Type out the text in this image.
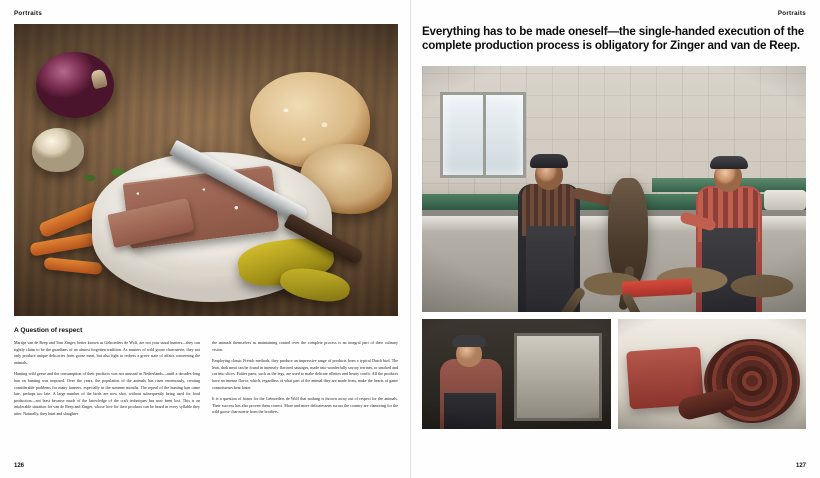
Portraits
A Question of respect

Martijn van de Reep and Tom Zinger, better known as Gebroeders de Wolf, are not your usual hunters—they can rightly claim to be the guardians of an almost forgotten tradition. As masters of wild goose charcuterie, they not only produce unique delicacies from goose meat, but also fight to redress a grave state of affairs concerning the animals.

Hunting wild geese and the consumption of their products was not unusual in Netherlands—until a decades-long ban on hunting was imposed. Over the years, the population of the animals has risen enormously, creating considerable problems for many farmers, especially in the summer months. The repeal of the hunting ban came late, perhaps too late. A large number of the birds are now shot, without subsequently being used for food production—not least because much of the knowledge of the craft techniques has now been lost. This is an intolerable situation for van de Reep and Zinger, whose love for their products can be heard in every syllable they utter. Naturally, they hunt and slaughter

the animals themselves as maintaining control over the complete process is an integral part of their culinary vision.

Employing classic French methods, they produce an impressive range of products from a typical Dutch bird. The lean, dark meat can be found in intensely flavored sausages, made into wonderfully savory terrines, or smoked and cut into slices. Fattier parts, such as the legs, are used to make delicate rillettes and hearty confit. All the products have an intense flavor, which, regardless of what part of the animal they are made from, make the hearts of game connoisseurs beat faster.

It is a question of honor for the Gebroeders de Wolf that nothing is thrown away out of respect for the animals. Their success has also proven them correct. More and more delicatessens across the country are clamoring for the wild goose charcuterie from the brothers.

126
Portraits
Everything has to be made oneself—the single-handed execution of the complete production process is obligatory for Zinger and van de Reep.
127
